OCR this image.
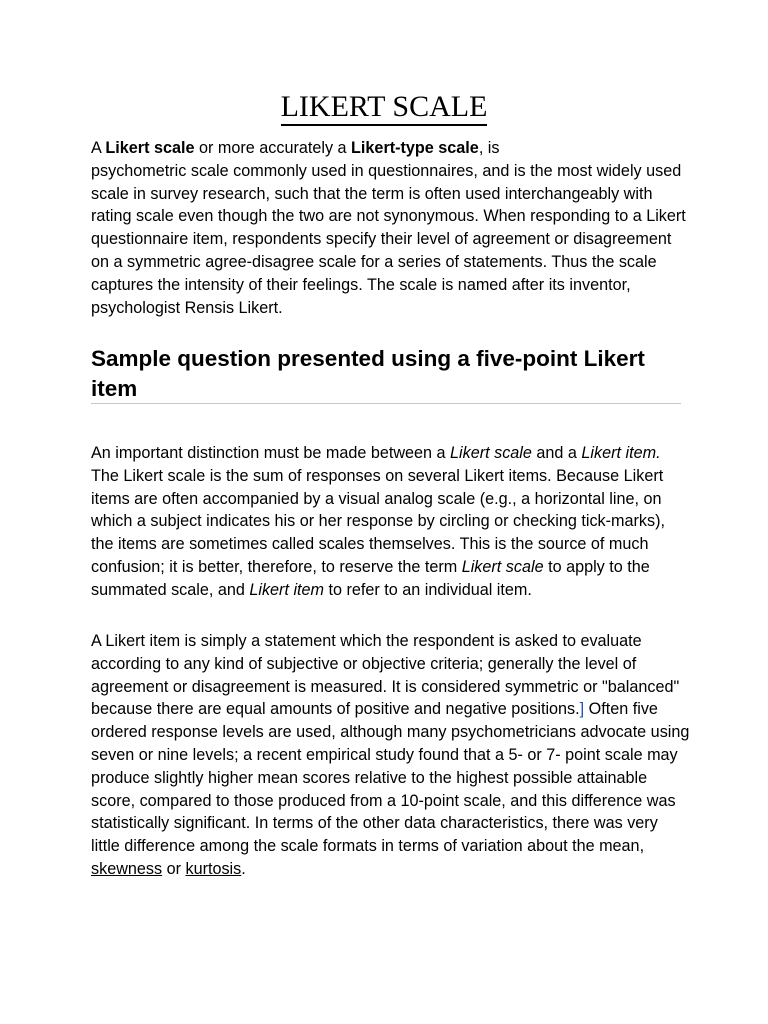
LIKERT SCALE

A Likert scale or more accurately a Likert-type scale, is
psychometric scale commonly used in questionnaires, and is the most widely used scale in survey research, such that the term is often used interchangeably with rating scale even though the two are not synonymous. When responding to a Likert questionnaire item, respondents specify their level of agreement or disagreement on a symmetric agree-disagree scale for a series of statements. Thus the scale captures the intensity of their feelings. The scale is named after its inventor, psychologist Rensis Likert.

Sample question presented using a five-point Likert item

An important distinction must be made between a Likert scale and a Likert item. The Likert scale is the sum of responses on several Likert items. Because Likert items are often accompanied by a visual analog scale (e.g., a horizontal line, on which a subject indicates his or her response by circling or checking tick-marks), the items are sometimes called scales themselves. This is the source of much confusion; it is better, therefore, to reserve the term Likert scale to apply to the summated scale, and Likert item to refer to an individual item.

A Likert item is simply a statement which the respondent is asked to evaluate according to any kind of subjective or objective criteria; generally the level of agreement or disagreement is measured. It is considered symmetric or "balanced" because there are equal amounts of positive and negative positions.] Often five ordered response levels are used, although many psychometricians advocate using seven or nine levels; a recent empirical study found that a 5- or 7- point scale may produce slightly higher mean scores relative to the highest possible attainable score, compared to those produced from a 10-point scale, and this difference was statistically significant. In terms of the other data characteristics, there was very little difference among the scale formats in terms of variation about the mean, skewness or kurtosis.
